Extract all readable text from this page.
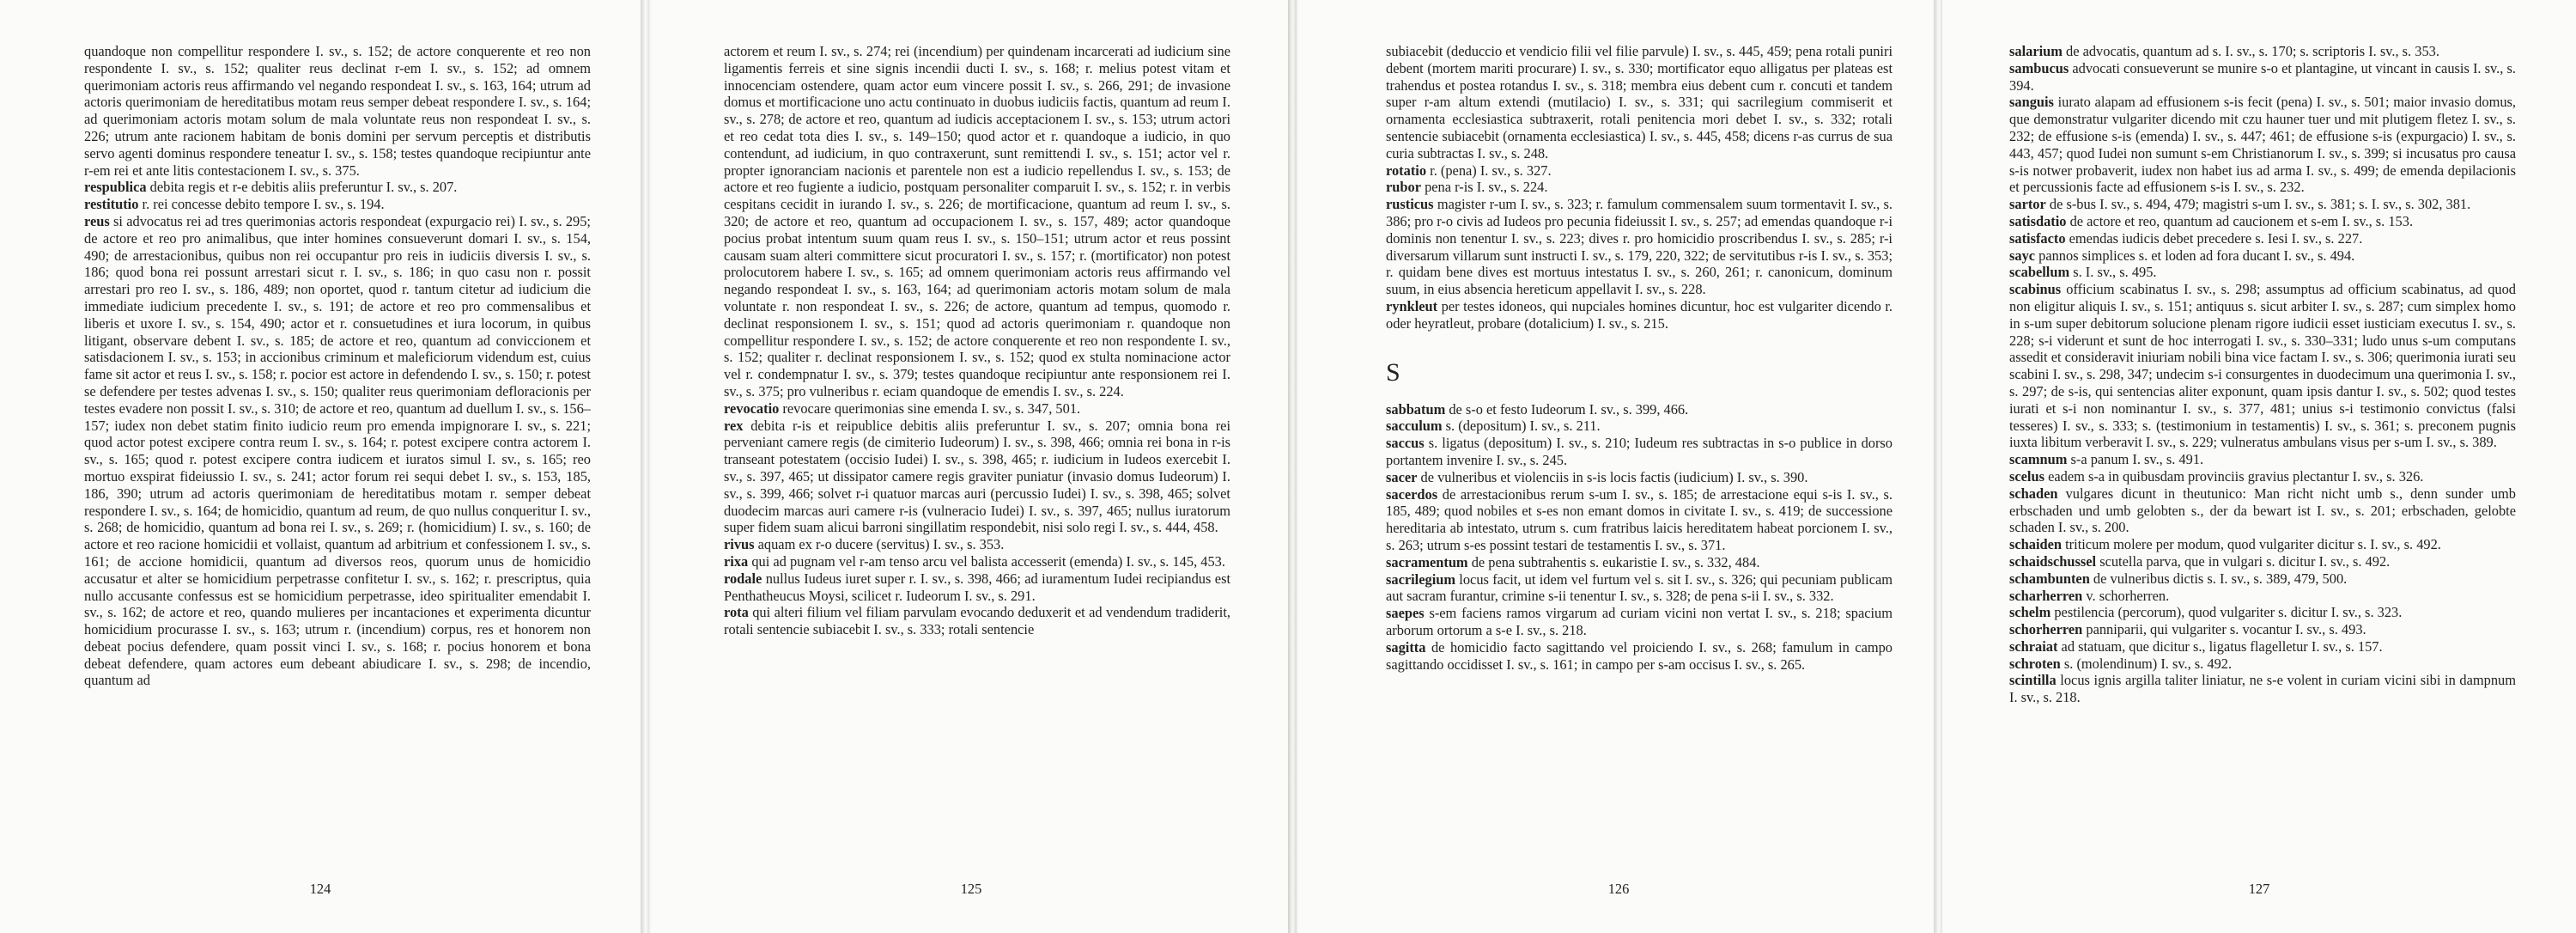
quandoque non compellitur respondere I. sv., s. 152; de actore conquerente et reo non respondente I. sv., s. 152; qualiter reus declinat r-em I. sv., s. 152; ad omnem querimoniam actoris reus affirmando vel negando respondeat I. sv., s. 163, 164; utrum ad actoris querimoniam de hereditatibus motam reus semper debeat respondere I. sv., s. 164; ad querimoniam actoris motam solum de mala voluntate reus non respondeat I. sv., s. 226; utrum ante racionem habitam de bonis domini per servum perceptis et distributis servo agenti dominus respondere teneatur I. sv., s. 158; testes quandoque recipiuntur ante r-em rei et ante litis contestacionem I. sv., s. 375.

respublica debita regis et r-e debitis aliis preferuntur I. sv., s. 207.

restitutio r. rei concesse debito tempore I. sv., s. 194.

reus si advocatus rei ad tres querimonias actoris respondeat (expurgacio rei) I. sv., s. 295; de actore et reo pro animalibus, que inter homines consueverunt domari I. sv., s. 154, 490; de arrestacionibus, quibus non rei occupantur pro reis in iudiciis diversis I. sv., s. 186; quod bona rei possunt arrestari sicut r. I. sv., s. 186; in quo casu non r. possit arrestari pro reo I. sv., s. 186, 489; non oportet, quod r. tantum citetur ad iudicium die immediate iudicium precedente I. sv., s. 191; de actore et reo pro commensalibus et liberis et uxore I. sv., s. 154, 490; actor et r. consuetudines et iura locorum, in quibus litigant, observare debent I. sv., s. 185; de actore et reo, quantum ad conviccionem et satisdacionem I. sv., s. 153; in accionibus criminum et maleficiorum videndum est, cuius fame sit actor et reus I. sv., s. 158; r. pocior est actore in defendendo I. sv., s. 150; r. potest se defendere per testes advenas I. sv., s. 150; qualiter reus querimoniam defloracionis per testes evadere non possit I. sv., s. 310; de actore et reo, quantum ad duellum I. sv., s. 156–157; iudex non debet statim finito iudicio reum pro emenda impignorare I. sv., s. 221; quod actor potest excipere contra reum I. sv., s. 164; r. potest excipere contra actorem I. sv., s. 165; quod r. potest excipere contra iudicem et iuratos simul I. sv., s. 165; reo mortuo exspirat fideiussio I. sv., s. 241; actor forum rei sequi debet I. sv., s. 153, 185, 186, 390; utrum ad actoris querimoniam de hereditatibus motam r. semper debeat respondere I. sv., s. 164; de homicidio, quantum ad reum, de quo nullus conqueritur I. sv., s. 268; de homicidio, quantum ad bona rei I. sv., s. 269; r. (homicidium) I. sv., s. 160; de actore et reo racione homicidii et vollaist, quantum ad arbitrium et confessionem I. sv., s. 161; de accione homidicii, quantum ad diversos reos, quorum unus de homicidio accusatur et alter se homicidium perpetrasse confitetur I. sv., s. 162; r. prescriptus, quia nullo accusante confessus est se homicidium perpetrasse, ideo spiritualiter emendabit I. sv., s. 162; de actore et reo, quando mulieres per incantaciones et experimenta dicuntur homicidium procurasse I. sv., s. 163; utrum r. (incendium) corpus, res et honorem non debeat pocius defendere, quam possit vinci I. sv., s. 168; r. pocius honorem et bona debeat defendere, quam actores eum debeant abiudicare I. sv., s. 298; de incendio, quantum ad

124

actorem et reum I. sv., s. 274; rei (incendium) per quindenam incarcerati ad iudicium sine ligamentis ferreis et sine signis incendii ducti I. sv., s. 168; r. melius potest vitam et innocenciam ostendere, quam actor eum vincere possit I. sv., s. 266, 291; de invasione domus et mortificacione uno actu continuato in duobus iudiciis factis, quantum ad reum I. sv., s. 278; de actore et reo, quantum ad iudicis acceptacionem I. sv., s. 153; utrum actori et reo cedat tota dies I. sv., s. 149–150; quod actor et r. quandoque a iudicio, in quo contendunt, ad iudicium, in quo contraxerunt, sunt remittendi I. sv., s. 151; actor vel r. propter ignoranciam nacionis et parentele non est a iudicio repellendus I. sv., s. 153; de actore et reo fugiente a iudicio, postquam personaliter comparuit I. sv., s. 152; r. in verbis cespitans cecidit in iurando I. sv., s. 226; de mortificacione, quantum ad reum I. sv., s. 320; de actore et reo, quantum ad occupacionem I. sv., s. 157, 489; actor quandoque pocius probat intentum suum quam reus I. sv., s. 150–151; utrum actor et reus possint causam suam alteri committere sicut procuratori I. sv., s. 157; r. (mortificator) non potest prolocutorem habere I. sv., s. 165; ad omnem querimoniam actoris reus affirmando vel negando respondeat I. sv., s. 163, 164; ad querimoniam actoris motam solum de mala voluntate r. non respondeat I. sv., s. 226; de actore, quantum ad tempus, quomodo r. declinat responsionem I. sv., s. 151; quod ad actoris querimoniam r. quandoque non compellitur respondere I. sv., s. 152; de actore conquerente et reo non respondente I. sv., s. 152; qualiter r. declinat responsionem I. sv., s. 152; quod ex stulta nominacione actor vel r. condempnatur I. sv., s. 379; testes quandoque recipiuntur ante responsionem rei I. sv., s. 375; pro vulneribus r. eciam quandoque de emendis I. sv., s. 224.

revocatio revocare querimonias sine emenda I. sv., s. 347, 501.

rex debita r-is et reipublice debitis aliis preferuntur I. sv., s. 207; omnia bona rei perveniant camere regis (de cimiterio Iudeorum) I. sv., s. 398, 466; omnia rei bona in r-is transeant potestatem (occisio Iudei) I. sv., s. 398, 465; r. iudicium in Iudeos exercebit I. sv., s. 397, 465; ut dissipator camere regis graviter puniatur (invasio domus Iudeorum) I. sv., s. 399, 466; solvet r-i quatuor marcas auri (percussio Iudei) I. sv., s. 398, 465; solvet duodecim marcas auri camere r-is (vulneracio Iudei) I. sv., s. 397, 465; nullus iuratorum super fidem suam alicui barroni singillatim respondebit, nisi solo regi I. sv., s. 444, 458.

rivus aquam ex r-o ducere (servitus) I. sv., s. 353.

rixa qui ad pugnam vel r-am tenso arcu vel balista accesserit (emenda) I. sv., s. 145, 453.

rodale nullus Iudeus iuret super r. I. sv., s. 398, 466; ad iuramentum Iudei recipiandus est Penthatheucus Moysi, scilicet r. Iudeorum I. sv., s. 291.

rota qui alteri filium vel filiam parvulam evocando deduxerit et ad vendendum tradiderit, rotali sentencie subiacebit I. sv., s. 333; rotali sentencie

125

subiacebit (deduccio et vendicio filii vel filie parvule) I. sv., s. 445, 459; pena rotali puniri debent (mortem mariti procurare) I. sv., s. 330; mortificator equo alligatus per plateas est trahendus et postea rotandus I. sv., s. 318; membra eius debent cum r. concuti et tandem super r-am altum extendi (mutilacio) I. sv., s. 331; qui sacrilegium commiserit et ornamenta ecclesiastica subtraxerit, rotali penitencia mori debet I. sv., s. 332; rotali sentencie subiacebit (ornamenta ecclesiastica) I. sv., s. 445, 458; dicens r-as currus de sua curia subtractas I. sv., s. 248.

rotatio r. (pena) I. sv., s. 327.

rubor pena r-is I. sv., s. 224.

rusticus magister r-um I. sv., s. 323; r. famulum commensalem suum tormentavit I. sv., s. 386; pro r-o civis ad Iudeos pro pecunia fideiussit I. sv., s. 257; ad emendas quandoque r-i dominis non tenentur I. sv., s. 223; dives r. pro homicidio proscribendus I. sv., s. 285; r-i diversarum villarum sunt instructi I. sv., s. 179, 220, 322; de servitutibus r-is I. sv., s. 353; r. quidam bene dives est mortuus intestatus I. sv., s. 260, 261; r. canonicum, dominum suum, in eius absencia hereticum appellavit I. sv., s. 228.

rynkleut per testes idoneos, qui nupciales homines dicuntur, hoc est vulgariter dicendo r. oder heyratleut, probare (dotalicium) I. sv., s. 215.

S

sabbatum de s-o et festo Iudeorum I. sv., s. 399, 466.

sacculum s. (depositum) I. sv., s. 211.

saccus s. ligatus (depositum) I. sv., s. 210; Iudeum res subtractas in s-o publice in dorso portantem invenire I. sv., s. 245.

sacer de vulneribus et violenciis in s-is locis factis (iudicium) I. sv., s. 390.

sacerdos de arrestacionibus rerum s-um I. sv., s. 185; de arrestacione equi s-is I. sv., s. 185, 489; quod nobiles et s-es non emant domos in civitate I. sv., s. 419; de successione hereditaria ab intestato, utrum s. cum fratribus laicis hereditatem habeat porcionem I. sv., s. 263; utrum s-es possint testari de testamentis I. sv., s. 371.

sacramentum de pena subtrahentis s. eukaristie I. sv., s. 332, 484.

sacrilegium locus facit, ut idem vel furtum vel s. sit I. sv., s. 326; qui pecuniam publicam aut sacram furantur, crimine s-ii tenentur I. sv., s. 328; de pena s-ii I. sv., s. 332.

saepes s-em faciens ramos virgarum ad curiam vicini non vertat I. sv., s. 218; spacium arborum ortorum a s-e I. sv., s. 218.

sagitta de homicidio facto sagittando vel proiciendo I. sv., s. 268; famulum in campo sagittando occidisset I. sv., s. 161; in campo per s-am occisus I. sv., s. 265.

126

salarium de advocatis, quantum ad s. I. sv., s. 170; s. scriptoris I. sv., s. 353.

sambucus advocati consueverunt se munire s-o et plantagine, ut vincant in causis I. sv., s. 394.

sanguis iurato alapam ad effusionem s-is fecit (pena) I. sv., s. 501; maior invasio domus, que demonstratur vulgariter dicendo mit czu hauner tuer und mit plutigem fletez I. sv., s. 232; de effusione s-is (emenda) I. sv., s. 447; 461; de effusione s-is (expurgacio) I. sv., s. 443, 457; quod Iudei non sumunt s-em Christianorum I. sv., s. 399; si incusatus pro causa s-is notwer probaverit, iudex non habet ius ad arma I. sv., s. 499; de emenda depilacionis et percussionis facte ad effusionem s-is I. sv., s. 232.

sartor de s-bus I. sv., s. 494, 479; magistri s-um I. sv., s. 381; s. I. sv., s. 302, 381.

satisdatio de actore et reo, quantum ad caucionem et s-em I. sv., s. 153.

satisfacto emendas iudicis debet precedere s. Iesi I. sv., s. 227.

sayc pannos simplices s. et loden ad fora ducant I. sv., s. 494.

scabellum s. I. sv., s. 495.

scabinus officium scabinatus I. sv., s. 298; assumptus ad officium scabinatus, ad quod non eligitur aliquis I. sv., s. 151; antiquus s. sicut arbiter I. sv., s. 287; cum simplex homo in s-um super debitorum solucione plenam rigore iudicii esset iusticiam executus I. sv., s. 228; s-i viderunt et sunt de hoc interrogati I. sv., s. 330–331; ludo unus s-um computans assedit et consideravit iniuriam nobili bina vice factam I. sv., s. 306; querimonia iurati seu scabini I. sv., s. 298, 347; undecim s-i consurgentes in duodecimum una querimonia I. sv., s. 297; de s-is, qui sentencias aliter exponunt, quam ipsis dantur I. sv., s. 502; quod testes iurati et s-i non nominantur I. sv., s. 377, 481; unius s-i testimonio convictus (falsi tesseres) I. sv., s. 333; s. (testimonium in testamentis) I. sv., s. 361; s. preconem pugnis iuxta libitum verberavit I. sv., s. 229; vulneratus ambulans visus per s-um I. sv., s. 389.

scamnum s-a panum I. sv., s. 491.

scelus eadem s-a in quibusdam provinciis gravius plectantur I. sv., s. 326.

schaden vulgares dicunt in theutunico: Man richt nicht umb s., denn sunder umb erbschaden und umb gelobten s., der da bewart ist I. sv., s. 201; erbschaden, gelobte schaden I. sv., s. 200.

schaiden triticum molere per modum, quod vulgariter dicitur s. I. sv., s. 492.

schaidschussel scutella parva, que in vulgari s. dicitur I. sv., s. 492.

schambunten de vulneribus dictis s. I. sv., s. 389, 479, 500.

scharherren v. schorherren.

schelm pestilencia (percorum), quod vulgariter s. dicitur I. sv., s. 323.

schorherren panniparii, qui vulgariter s. vocantur I. sv., s. 493.

schraiat ad statuam, que dicitur s., ligatus flagelletur I. sv., s. 157.

schroten s. (molendinum) I. sv., s. 492.

scintilla locus ignis argilla taliter liniatur, ne s-e volent in curiam vicini sibi in dampnum I. sv., s. 218.

127
